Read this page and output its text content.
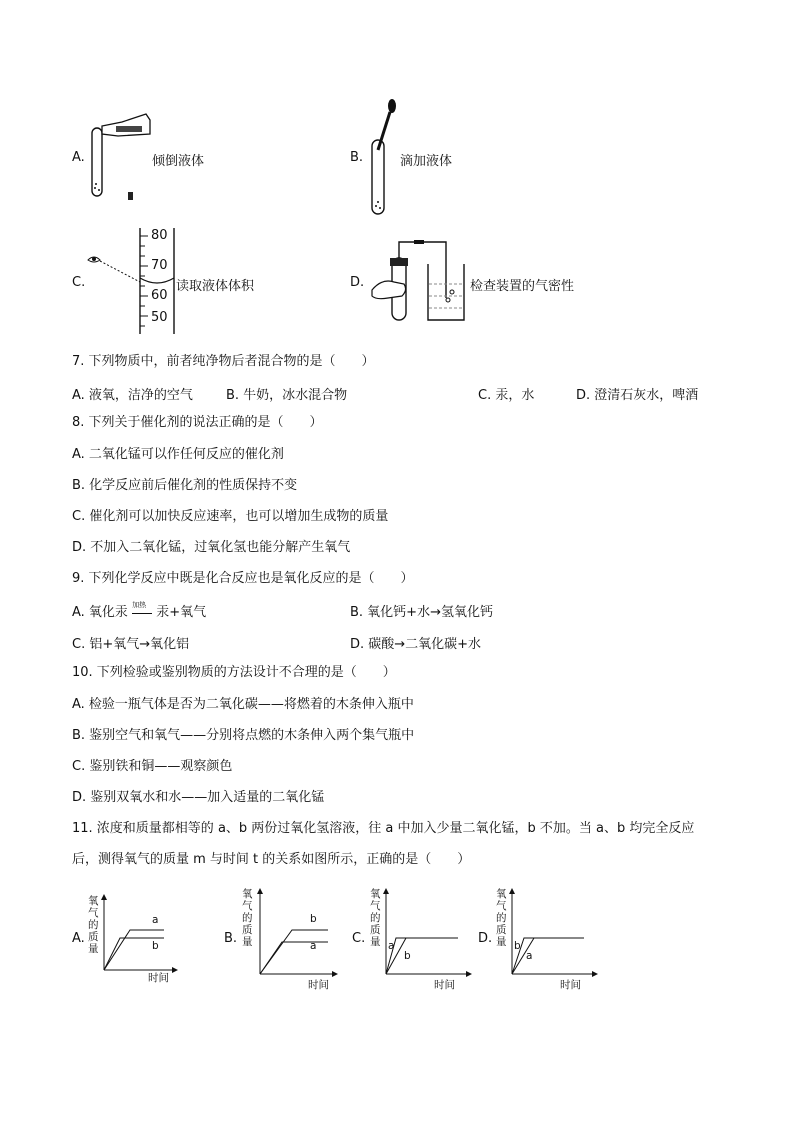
A.	倾倒液体	B.	滴加液体
80
70
60
50
C.	读取液体体积	D.	检查装置的气密性
7. 下列物质中，前者纯净物后者混合物的是（　　）
A. 液氧，洁净的空气	B. 牛奶，冰水混合物	C. 汞，水	D. 澄清石灰水，啤酒
8. 下列关于催化剂的说法正确的是（　　）
A. 二氧化锰可以作任何反应的催化剂
B. 化学反应前后催化剂的性质保持不变
C. 催化剂可以加快反应速率，也可以增加生成物的质量
D. 不加入二氧化锰，过氧化氢也能分解产生氧气
9. 下列化学反应中既是化合反应也是氧化反应的是（　　）
A. 氧化汞
加热
汞+氧气	B. 氧化钙+水→氢氧化钙
C. 铝+氧气→氧化铝	D. 碳酸→二氧化碳+水
10. 下列检验或鉴别物质的方法设计不合理的是（　　）
A. 检验一瓶气体是否为二氧化碳——将燃着的木条伸入瓶中
B. 鉴别空气和氧气——分别将点燃的木条伸入两个集气瓶中
C. 鉴别铁和铜——观察颜色
D. 鉴别双氧水和水——加入适量的二氧化锰
11. 浓度和质量都相等的 a、b 两份过氧化氢溶液，往 a 中加入少量二氧化锰，b 不加。当 a、b 均完全反应
后，测得氧气的质量 m 与时间 t 的关系如图所示，正确的是（　　）
A.
氧气的质量
a
b
时间
B.
氧气的质量
b
a
时间
C.
氧气的质量 a
b
时间
D.
氧气的质量 b
a
时间
